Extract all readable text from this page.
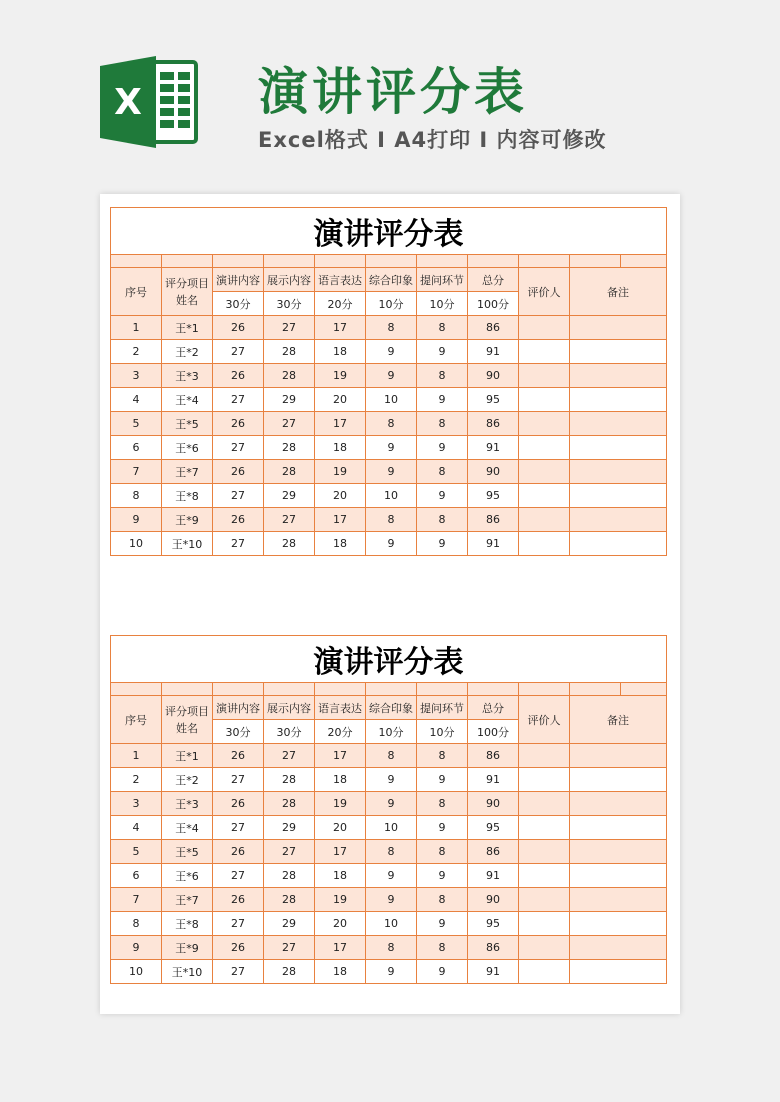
X 演讲评分表
Excel格式 I A4打印 I 内容可修改
演讲评分表										

序号	评分项目姓名	演讲内容	展示内容	语言表达	综合印象	提问环节	总分	评价人	备注	
		30分	30分	20分	10分	10分	100分			
1	王*1	26	27	17	8	8	86			
2	王*2	27	28	18	9	9	91			
3	王*3	26	28	19	9	8	90			
4	王*4	27	29	20	10	9	95			
5	王*5	26	27	17	8	8	86			
6	王*6	27	28	18	9	9	91			
7	王*7	26	28	19	9	8	90			
8	王*8	27	29	20	10	9	95			
9	王*9	26	27	17	8	8	86			
10	王*10	27	28	18	9	9	91			
演讲评分表										

序号	评分项目姓名	演讲内容	展示内容	语言表达	综合印象	提问环节	总分	评价人	备注	
		30分	30分	20分	10分	10分	100分			
1	王*1	26	27	17	8	8	86			
2	王*2	27	28	18	9	9	91			
3	王*3	26	28	19	9	8	90			
4	王*4	27	29	20	10	9	95			
5	王*5	26	27	17	8	8	86			
6	王*6	27	28	18	9	9	91			
7	王*7	26	28	19	9	8	90			
8	王*8	27	29	20	10	9	95			
9	王*9	26	27	17	8	8	86			
10	王*10	27	28	18	9	9	91			
